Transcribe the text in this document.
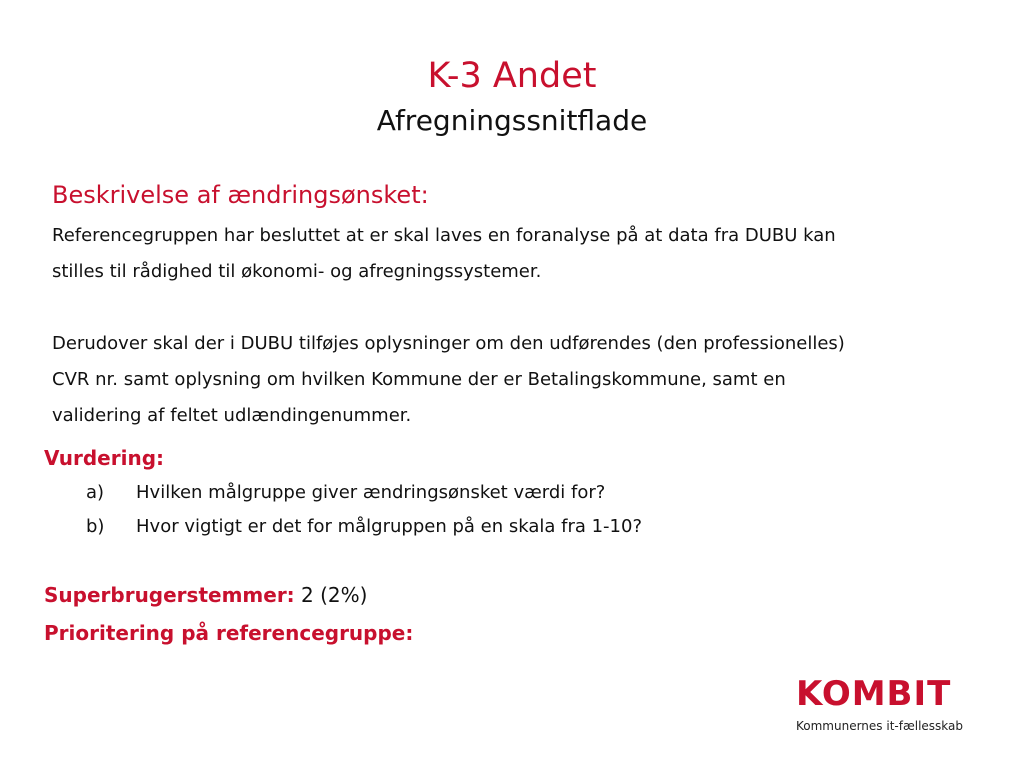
K-3 Andet
Afregningssnitflade
Beskrivelse af ændringsønsket:

Referencegruppen har besluttet at er skal laves en foranalyse på at data fra DUBU kan

stilles til rådighed til økonomi- og afregningssystemer.

Derudover skal der i DUBU tilføjes oplysninger om den udførendes (den professionelles)

CVR nr. samt oplysning om hvilken Kommune der er Betalingskommune, samt en

validering af feltet udlændingenummer.

Vurdering:
a)	Hvilken målgruppe giver ændringsønsket værdi for?
b)	Hvor vigtigt er det for målgruppen på en skala fra 1-10?
Superbrugerstemmer: 2 (2%)
Prioritering på referencegruppe:
KOMBIT
Kommunernes it-fællesskab
